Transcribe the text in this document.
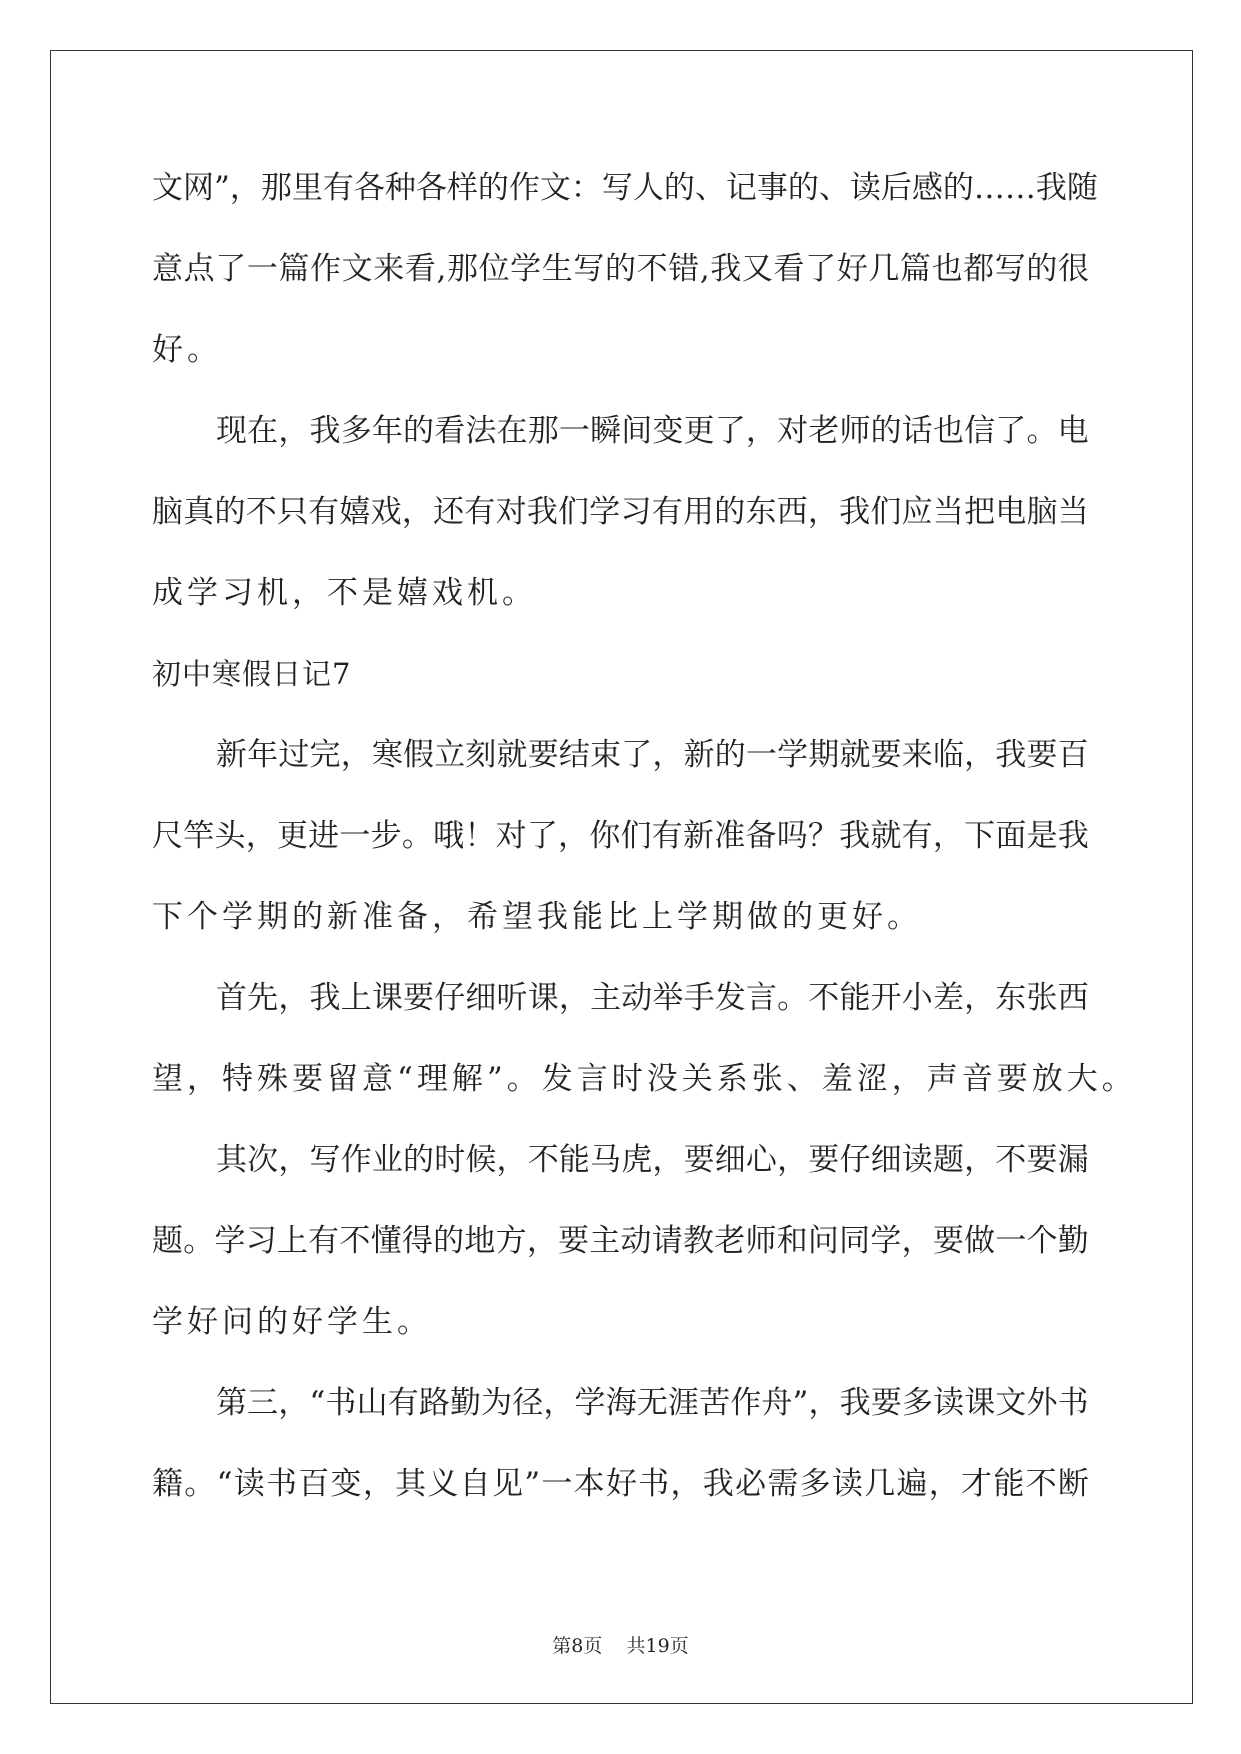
文 网 ” ， 那 里 有 各 种 各 样 的 作 文 ： 写 人 的 、 记 事 的 、 读 后 感 的 … … 我 随
意 点 了 一 篇 作 文 来 看 , 那 位 学 生 写 的 不 错 , 我 又 看 了 好 几 篇 也 都 写 的 很
好。
现 在 ， 我 多 年 的 看 法 在 那 一 瞬 间 变 更 了 ， 对 老 师 的 话 也 信 了 。 电
脑 真 的 不 只 有 嬉 戏 ， 还 有 对 我 们 学 习 有 用 的 东 西 ， 我 们 应 当 把 电 脑 当
成学习机，不是嬉戏机。
初中寒假日记7
新 年 过 完 ， 寒 假 立 刻 就 要 结 束 了 ， 新 的 一 学 期 就 要 来 临 ， 我 要 百
尺 竿 头 ， 更 进 一 步 。 哦 ！ 对 了 ， 你 们 有 新 准 备 吗 ？ 我 就 有 ， 下 面 是 我
下个学期的新准备，希望我能比上学期做的更好。
首 先 ， 我 上 课 要 仔 细 听 课 ， 主 动 举 手 发 言 。 不 能 开 小 差 ， 东 张 西
望，特殊要留意“理解”。发言时没关系张、羞涩，声音要放大。
其 次 ， 写 作 业 的 时 候 ， 不 能 马 虎 ， 要 细 心 ， 要 仔 细 读 题 ， 不 要 漏
题 。 学 习 上 有 不 懂 得 的 地 方 ， 要 主 动 请 教 老 师 和 问 同 学 ， 要 做 一 个 勤
学好问的好学生。
第 三 ， “ 书 山 有 路 勤 为 径 ， 学 海 无 涯 苦 作 舟 ” ， 我 要 多 读 课 文 外 书
籍 。 “ 读 书 百 变 ， 其 义 自 见 ” 一 本 好 书 ， 我 必 需 多 读 几 遍 ， 才 能 不 断
第8页    共19页
